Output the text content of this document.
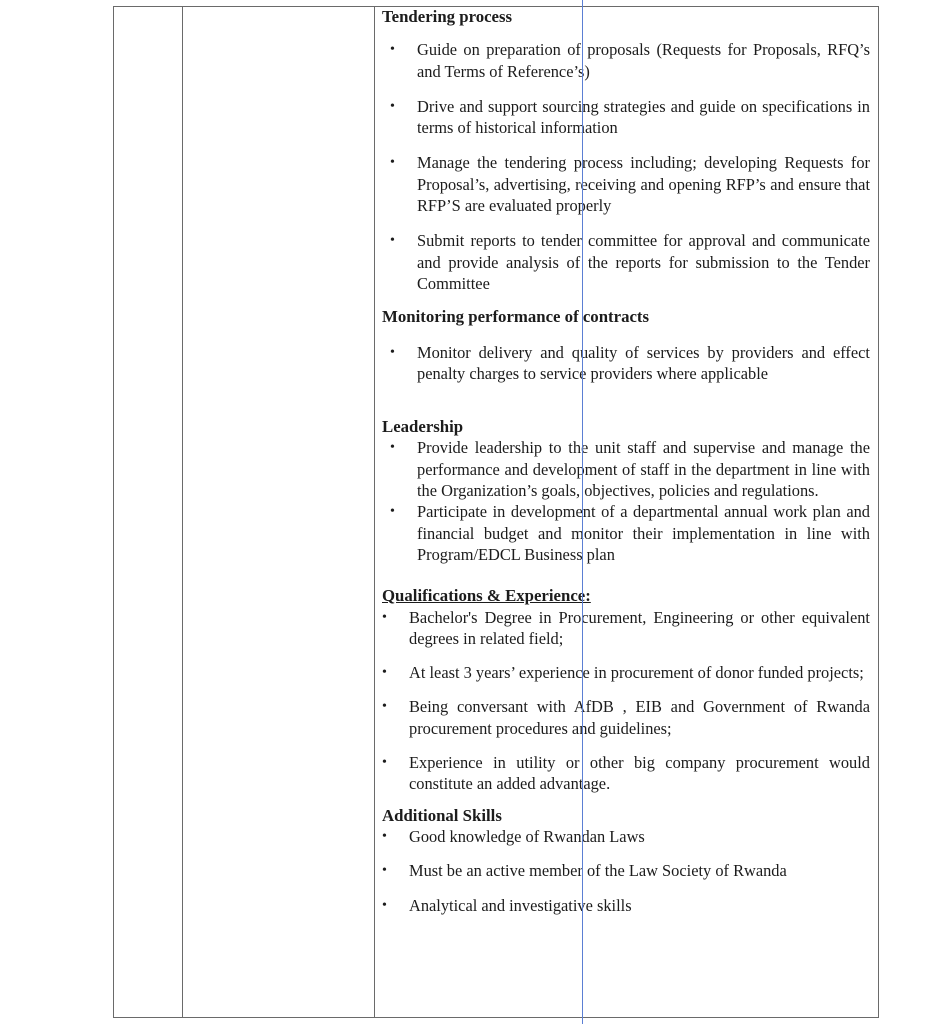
Tendering process

• Guide on preparation of proposals (Requests for Proposals, RFQ’s and Terms of Reference’s)
• Drive and support sourcing strategies and guide on specifications in terms of historical information
• Manage the tendering process including; developing Requests for Proposal’s, advertising, receiving and opening RFP’s and ensure that RFP’S are evaluated properly
• Submit reports to tender committee for approval and communicate and provide analysis of the reports for submission to the Tender Committee

Monitoring performance of contracts

• Monitor delivery and quality of services by providers and effect penalty charges to service providers where applicable

Leadership

• Provide leadership to the unit staff and supervise and manage the performance and development of staff in the department in line with the Organization’s goals, objectives, policies and regulations.
• Participate in development of a departmental annual work plan and financial budget and monitor their implementation in line with Program/EDCL Business plan

Qualifications & Experience:

• Bachelor's Degree in Procurement, Engineering or other equivalent degrees in related field;
• At least 3 years’ experience in procurement of donor funded projects;
• Being conversant with AfDB , EIB and Government of Rwanda procurement procedures and guidelines;
• Experience in utility or other big company procurement would constitute an added advantage.

Additional Skills

• Good knowledge of Rwandan Laws
• Must be an active member of the Law Society of Rwanda
• Analytical and investigative skills
